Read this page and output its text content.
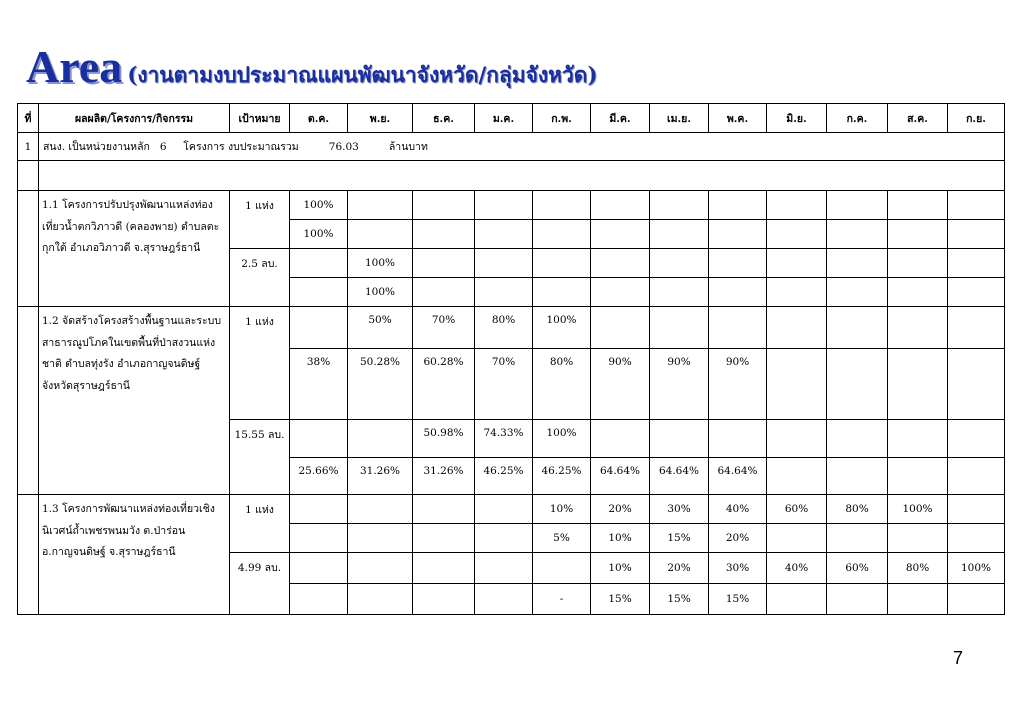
Area (งานตามงบประมาณแผนพัฒนาจังหวัด/กลุ่มจังหวัด)
ที่	ผลผลิต/โครงการ/กิจกรรม	เป้าหมาย	ต.ค.	พ.ย.	ธ.ค.	ม.ค.	ก.พ.	มี.ค.	เม.ย.	พ.ค.	มิ.ย.	ก.ค.	ส.ค.	ก.ย.
1	สนง. เป็นหน่วยงานหลัก 6 โครงการ งบประมาณรวม 76.03 ล้านบาท													

	1.1 โครงการปรับปรุงพัฒนาแหล่งท่องเที่ยวน้ำตกวิภาวดี (คลองพาย) ตำบลตะกุกใต้ อำเภอวิภาวดี จ.สุราษฎร์ธานี	1 แห่ง	100%											
			100%											
		2.5 ลบ.		100%										
				100%										
	1.2 จัดสร้างโครงสร้างพื้นฐานและระบบสาธารณูปโภคในเขตพื้นที่ป่าสงวนแห่งชาติ ตำบลทุ่งรัง อำเภอกาญจนดิษฐ์ จังหวัดสุราษฎร์ธานี	1 แห่ง		50%	70%	80%	100%							
			38%	50.28%	60.28%	70%	80%	90%	90%	90%				
		15.55 ลบ.			50.98%	74.33%	100%							
			25.66%	31.26%	31.26%	46.25%	46.25%	64.64%	64.64%	64.64%				
	1.3 โครงการพัฒนาแหล่งท่องเที่ยวเชิงนิเวศน์ถ้ำเพชรพนมวัง ต.ป่าร่อน อ.กาญจนดิษฐ์ จ.สุราษฎร์ธานี	1 แห่ง					10%	20%	30%	40%	60%	80%	100%	
							5%	10%	15%	20%				
		4.99 ลบ.						10%	20%	30%	40%	60%	80%	100%
							-	15%	15%	15%				
7
